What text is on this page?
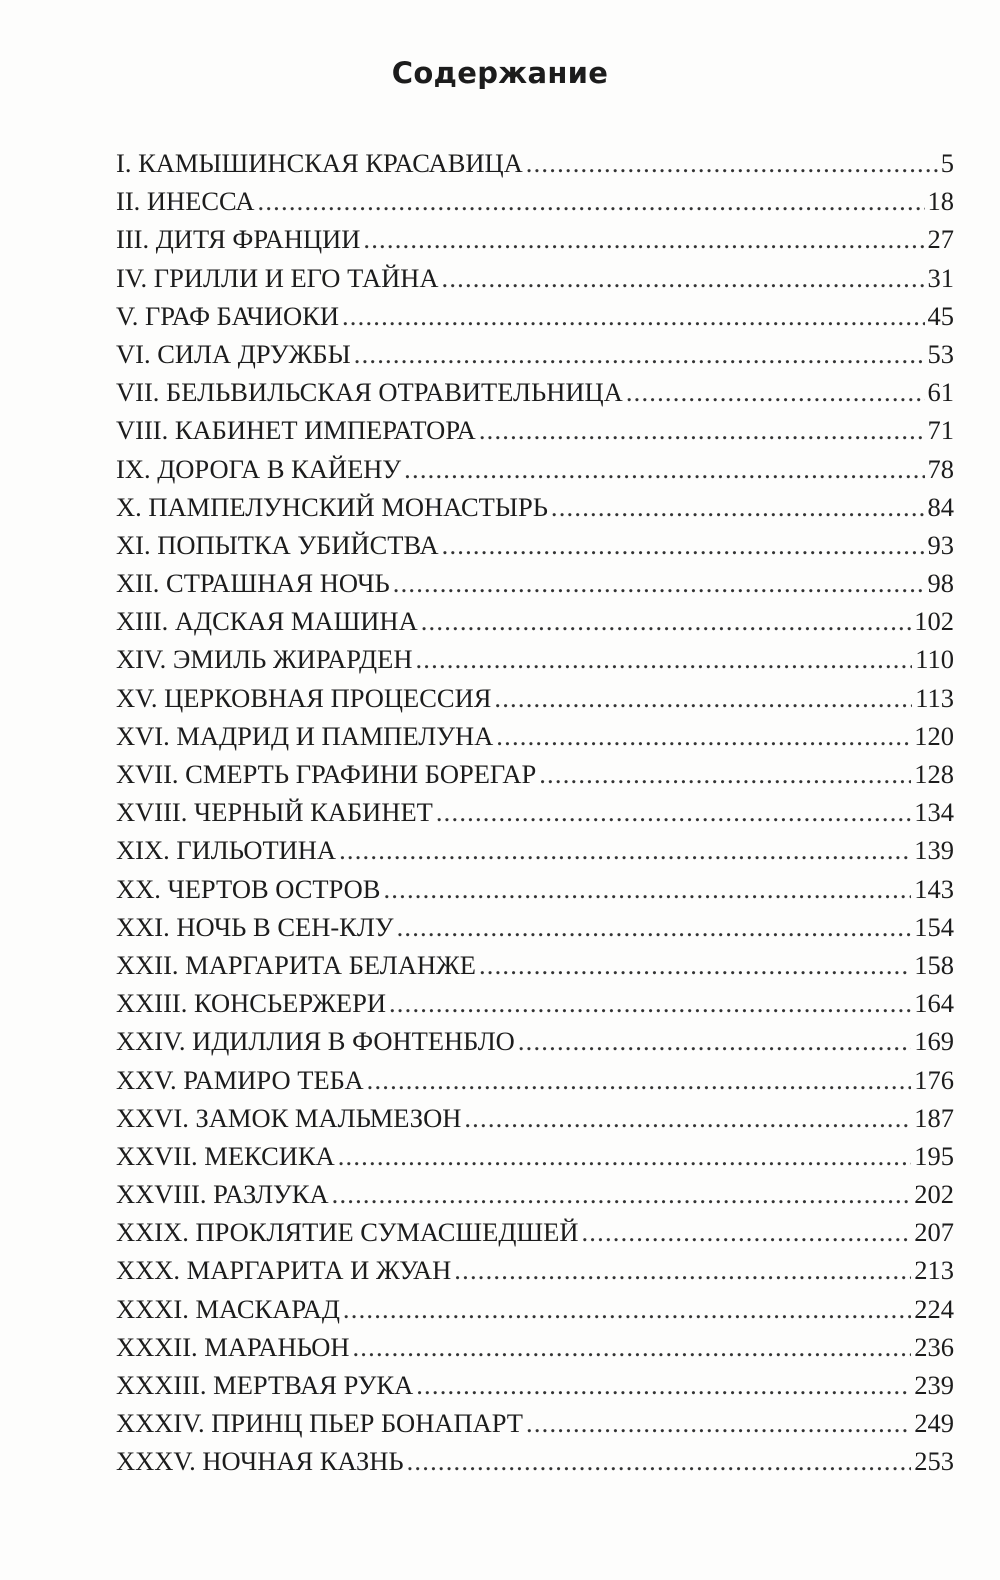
Содержание
I. КАМЫШИНСКАЯ КРАСАВИЦА .....	5
II. ИНЕССА .....	18
III. ДИТЯ ФРАНЦИИ .....	27
IV. ГРИЛЛИ И ЕГО ТАЙНА .....	31
V. ГРАФ БАЧИОКИ .....	45
VI. СИЛА ДРУЖБЫ .....	53
VII. БЕЛЬВИЛЬСКАЯ ОТРАВИТЕЛЬНИЦА .....	61
VIII. КАБИНЕТ ИМПЕРАТОРА .....	71
IX. ДОРОГА В КАЙЕНУ .....	78
X. ПАМПЕЛУНСКИЙ МОНАСТЫРЬ .....	84
XI. ПОПЫТКА УБИЙСТВА .....	93
XII. СТРАШНАЯ НОЧЬ .....	98
XIII. АДСКАЯ МАШИНА .....	102
XIV. ЭМИЛЬ ЖИРАРДЕН .....	110
XV. ЦЕРКОВНАЯ ПРОЦЕССИЯ .....	113
XVI. МАДРИД И ПАМПЕЛУНА .....	120
XVII. СМЕРТЬ ГРАФИНИ БОРЕГАР .....	128
XVIII. ЧЕРНЫЙ КАБИНЕТ .....	134
XIX. ГИЛЬОТИНА .....	139
XX. ЧЕРТОВ ОСТРОВ .....	143
XXI. НОЧЬ В СЕН-КЛУ .....	154
XXII. МАРГАРИТА БЕЛАНЖЕ .....	158
XXIII. КОНСЬЕРЖЕРИ .....	164
XXIV. ИДИЛЛИЯ В ФОНТЕНБЛО .....	169
XXV. РАМИРО ТЕБА .....	176
XXVI. ЗАМОК МАЛЬМЕЗОН .....	187
XXVII. МЕКСИКА .....	195
XXVIII. РАЗЛУКА .....	202
XXIX. ПРОКЛЯТИЕ СУМАСШЕДШЕЙ .....	207
XXX. МАРГАРИТА И ЖУАН .....	213
XXXI. МАСКАРАД .....	224
XXXII. МАРАНЬОН .....	236
XXXIII. МЕРТВАЯ РУКА .....	239
XXXIV. ПРИНЦ ПЬЕР БОНАПАРТ .....	249
XXXV. НОЧНАЯ КАЗНЬ .....	253
